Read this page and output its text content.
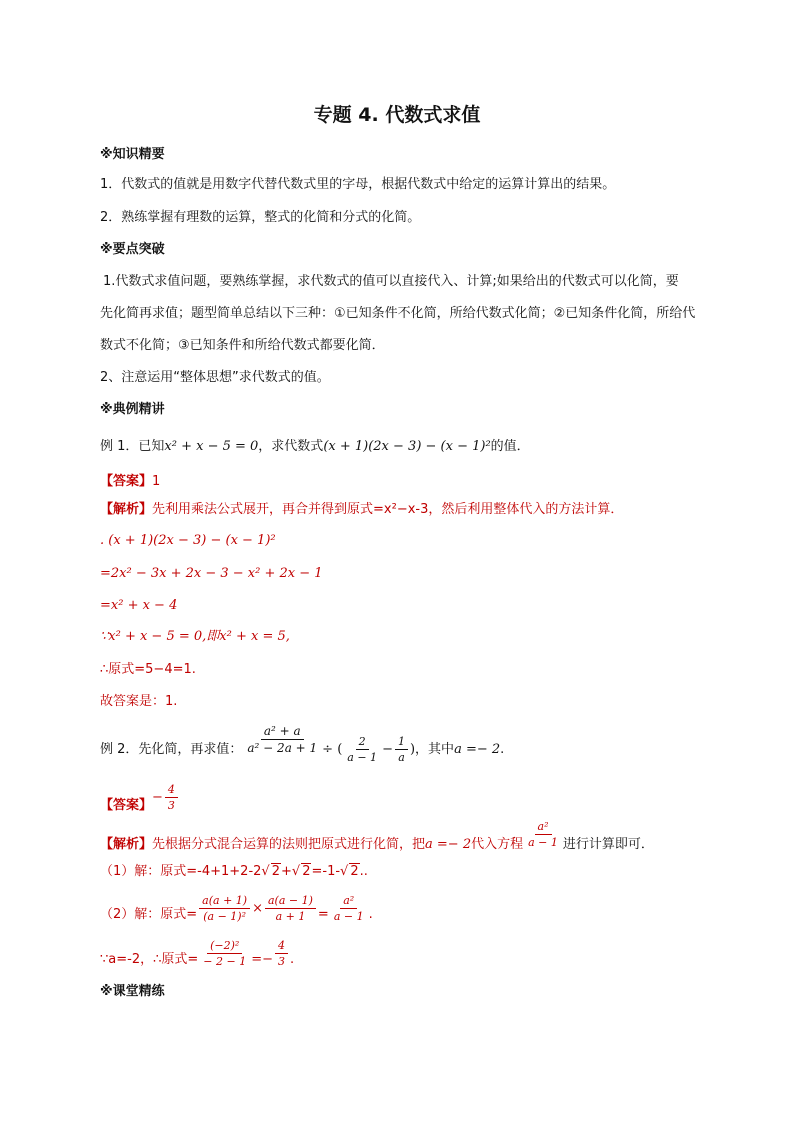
专题 4. 代数式求值
※知识精要
1．代数式的值就是用数字代替代数式里的字母，根据代数式中给定的运算计算出的结果。
2．熟练掌握有理数的运算，整式的化简和分式的化简。
※要点突破
1.代数式求值问题，要熟练掌握，求代数式的值可以直接代入、计算;如果给出的代数式可以化简，要
先化简再求值；题型简单总结以下三种：①已知条件不化简，所给代数式化简；②已知条件化简，所给代
数式不化简；③已知条件和所给代数式都要化简．
2、注意运用“整体思想”求代数式的值。
※典例精讲
例 1．已知x² + x − 5 = 0，求代数式(x + 1)(2x − 3) − (x − 1)²的值．
【答案】1
【解析】先利用乘法公式展开，再合并得到原式=x²−x-3，然后利用整体代入的方法计算．
. (x + 1)(2x − 3) − (x − 1)²
=2x² − 3x + 2x − 3 − x² + 2x − 1
=x² + x − 4
∵x² + x − 5 = 0,即x² + x = 5,
∴原式=5−4=1.
故答案是：1.
例 2．先化简，再求值： $\frac{\text{a² + a}}{\text{a² − 2a + 1}}$ ÷ ( $\frac{2}{a - 1} - \frac{1}{a}$ )，其中a =− 2.
【答案】− $\frac{4}{3}$
【解析】先根据分式混合运算的法则把原式进行化简，把a =− 2代入方程 $\frac{\text{a²}}{a - 1}$ 进行计算即可．
（1）解：原式=-4+1+2-2√ 2+√ 2=-1-√ 2..
（2）解：原式= $\frac{a(a + 1)}{\text{(a − 1)²}} \times \frac{a(a - 1)}{a + 1} = \frac{\text{a²}}{a - 1}$ .
∵a=-2，∴原式= $\frac{\text{(−2)²}}{- 2 - 1} =- \frac{4}{3}$ .
※课堂精练
